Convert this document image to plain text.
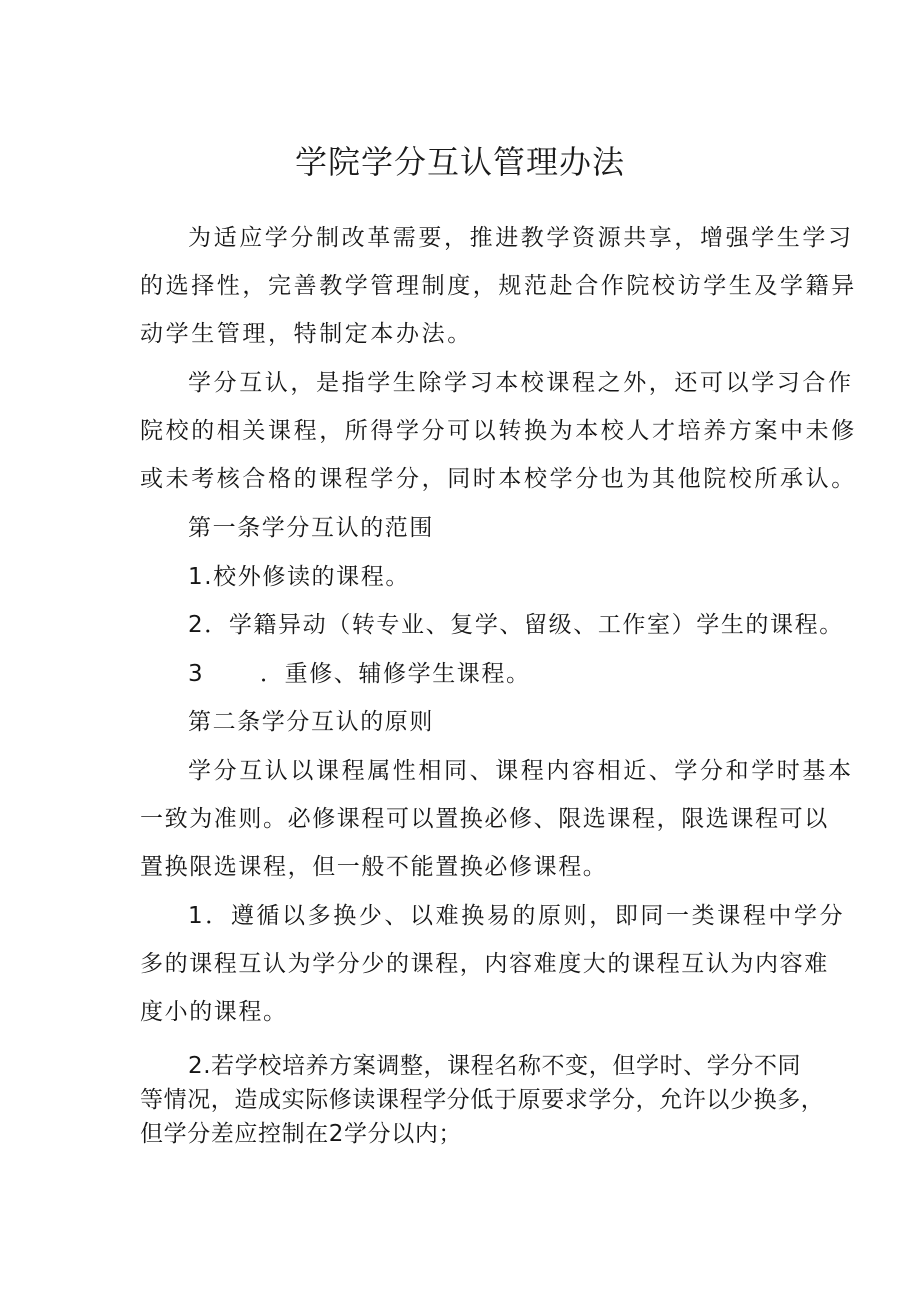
学院学分互认管理办法
为适应学分制改革需要，推进教学资源共享，增强学生学习
的选择性，完善教学管理制度，规范赴合作院校访学生及学籍异
动学生管理，特制定本办法。
学分互认，是指学生除学习本校课程之外，还可以学习合作
院校的相关课程，所得学分可以转换为本校人才培养方案中未修
或未考核合格的课程学分，同时本校学分也为其他院校所承认。
第一条学分互认的范围
1.校外修读的课程。
2．学籍异动（转专业、复学、留级、工作室）学生的课程。
3 ．重修、辅修学生课程。
第二条学分互认的原则
学分互认以课程属性相同、课程内容相近、学分和学时基本
一致为准则。必修课程可以置换必修、限选课程，限选课程可以
置换限选课程，但一般不能置换必修课程。
1．遵循以多换少、以难换易的原则，即同一类课程中学分
多的课程互认为学分少的课程，内容难度大的课程互认为内容难
度小的课程。
2.若学校培养方案调整，课程名称不变，但学时、学分不同
等情况，造成实际修读课程学分低于原要求学分，允许以少换多，
但学分差应控制在2学分以内；
